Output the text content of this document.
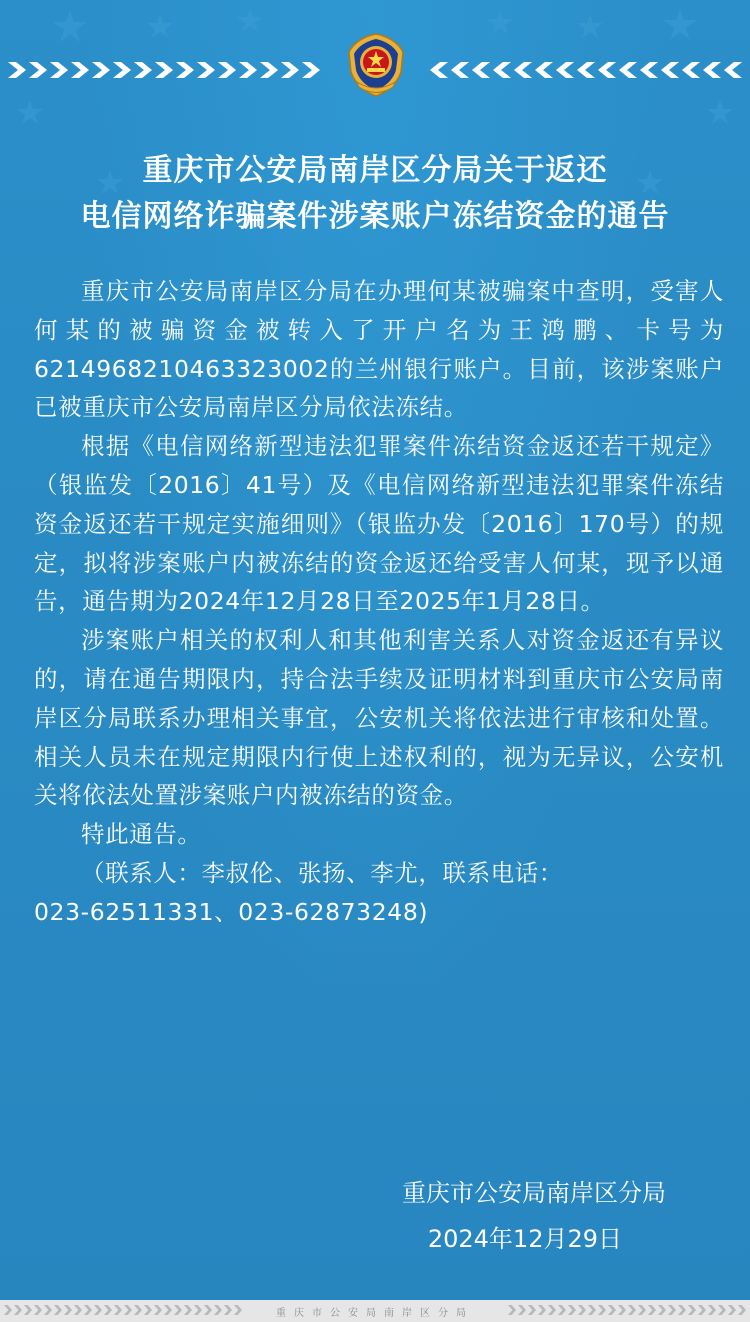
重庆市公安局南岸区分局关于返还
电信网络诈骗案件涉案账户冻结资金的通告

重庆市公安局南岸区分局在办理何某被骗案中查明，受害人何某的被骗资金被转入了开户名为王鸿鹏、卡号为6214968210463323002的兰州银行账户。目前，该涉案账户已被重庆市公安局南岸区分局依法冻结。

根据《电信网络新型违法犯罪案件冻结资金返还若干规定》（银监发〔2016〕41号）及《电信网络新型违法犯罪案件冻结资金返还若干规定实施细则》（银监办发〔2016〕170号）的规定，拟将涉案账户内被冻结的资金返还给受害人何某，现予以通告，通告期为2024年12月28日至2025年1月28日。

涉案账户相关的权利人和其他利害关系人对资金返还有异议的，请在通告期限内，持合法手续及证明材料到重庆市公安局南岸区分局联系办理相关事宜，公安机关将依法进行审核和处置。相关人员未在规定期限内行使上述权利的，视为无异议，公安机关将依法处置涉案账户内被冻结的资金。

特此通告。

（联系人：李叔伦、张扬、李尤，联系电话：
023-62511331、023-62873248)
重庆市公安局南岸区分局
2024年12月29日
重庆市公安局南岸区分局
